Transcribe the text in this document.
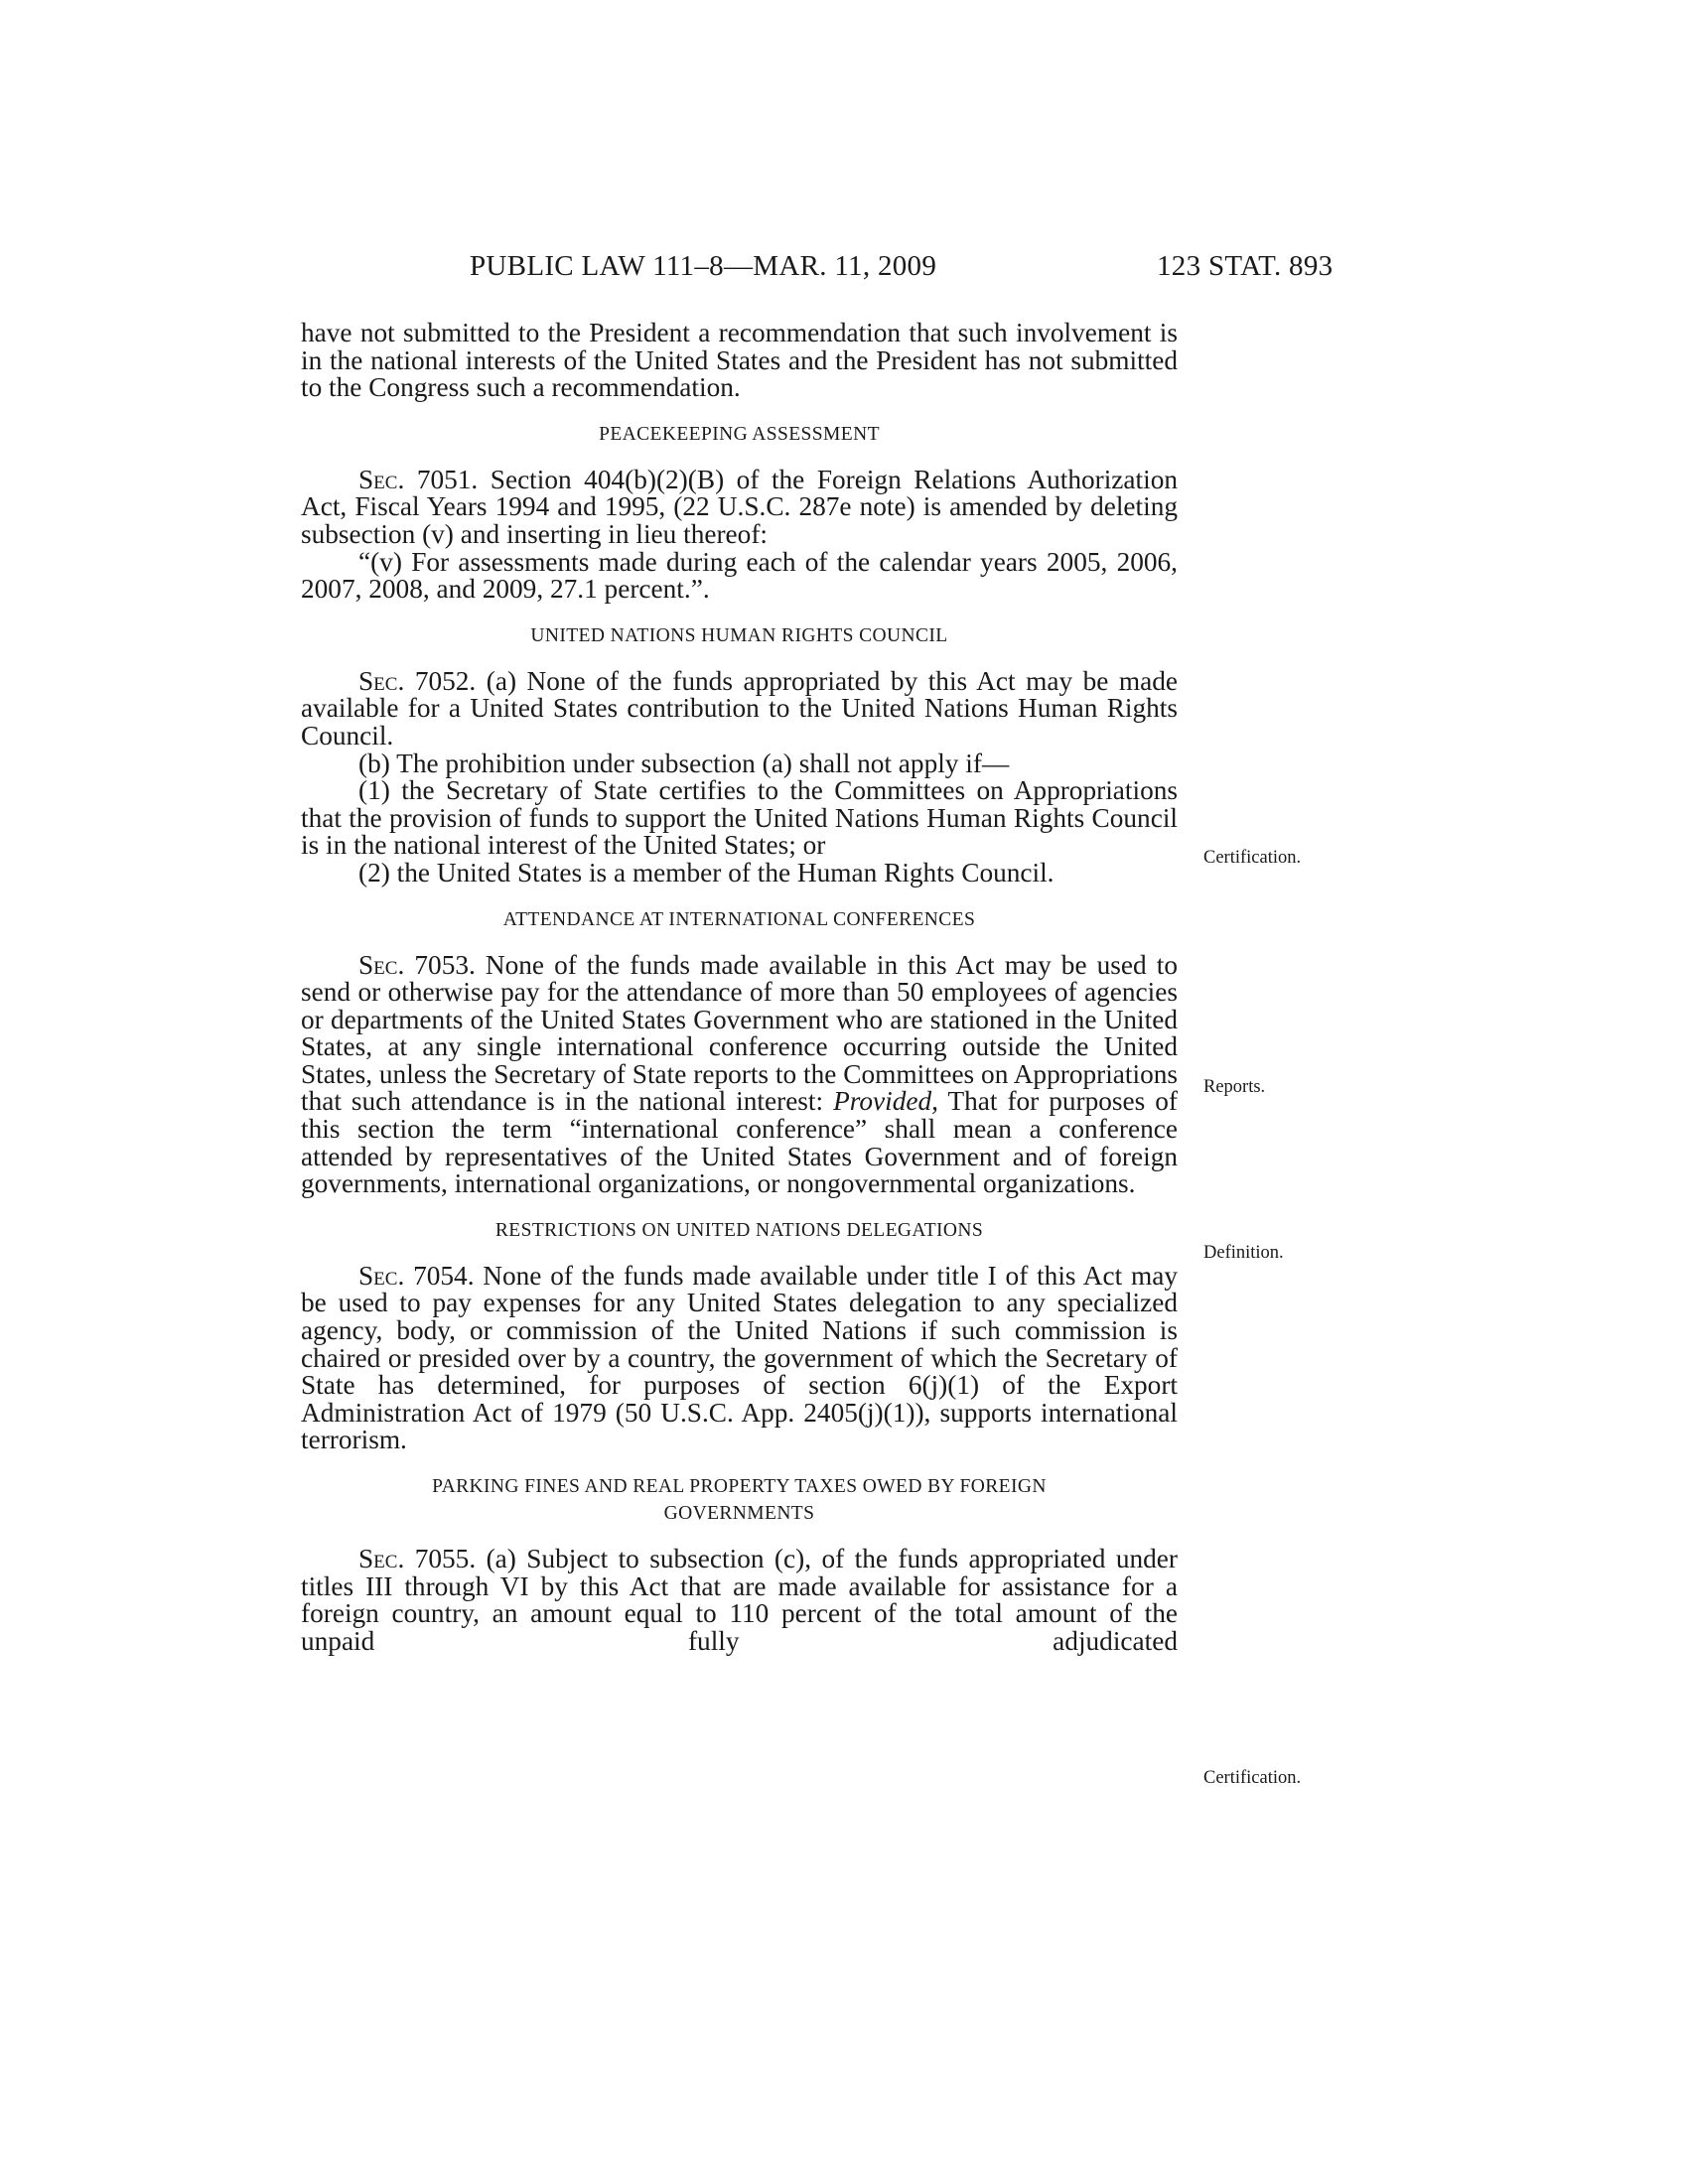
PUBLIC LAW 111–8—MAR. 11, 2009	123 STAT. 893

have not submitted to the President a recommendation that such involvement is in the national interests of the United States and the President has not submitted to the Congress such a recommendation.

PEACEKEEPING ASSESSMENT

Sec. 7051. Section 404(b)(2)(B) of the Foreign Relations Authorization Act, Fiscal Years 1994 and 1995, (22 U.S.C. 287e note) is amended by deleting subsection (v) and inserting in lieu thereof:

“(v) For assessments made during each of the calendar years 2005, 2006, 2007, 2008, and 2009, 27.1 percent.”.

UNITED NATIONS HUMAN RIGHTS COUNCIL

Sec. 7052. (a) None of the funds appropriated by this Act may be made available for a United States contribution to the United Nations Human Rights Council.

(b) The prohibition under subsection (a) shall not apply if—

(1) the Secretary of State certifies to the Committees on Appropriations that the provision of funds to support the United Nations Human Rights Council is in the national interest of the United States; or

(2) the United States is a member of the Human Rights Council.

ATTENDANCE AT INTERNATIONAL CONFERENCES

Sec. 7053. None of the funds made available in this Act may be used to send or otherwise pay for the attendance of more than 50 employees of agencies or departments of the United States Government who are stationed in the United States, at any single international conference occurring outside the United States, unless the Secretary of State reports to the Committees on Appropriations that such attendance is in the national interest: Provided, That for purposes of this section the term “international conference” shall mean a conference attended by representatives of the United States Government and of foreign governments, international organizations, or nongovernmental organizations.

RESTRICTIONS ON UNITED NATIONS DELEGATIONS

Sec. 7054. None of the funds made available under title I of this Act may be used to pay expenses for any United States delegation to any specialized agency, body, or commission of the United Nations if such commission is chaired or presided over by a country, the government of which the Secretary of State has determined, for purposes of section 6(j)(1) of the Export Administration Act of 1979 (50 U.S.C. App. 2405(j)(1)), supports international terrorism.

PARKING FINES AND REAL PROPERTY TAXES OWED BY FOREIGN
GOVERNMENTS

Sec. 7055. (a) Subject to subsection (c), of the funds appropriated under titles III through VI by this Act that are made available for assistance for a foreign country, an amount equal to 110 percent of the total amount of the unpaid fully adjudicated

Certification.
Reports.
Definition.
Certification.
